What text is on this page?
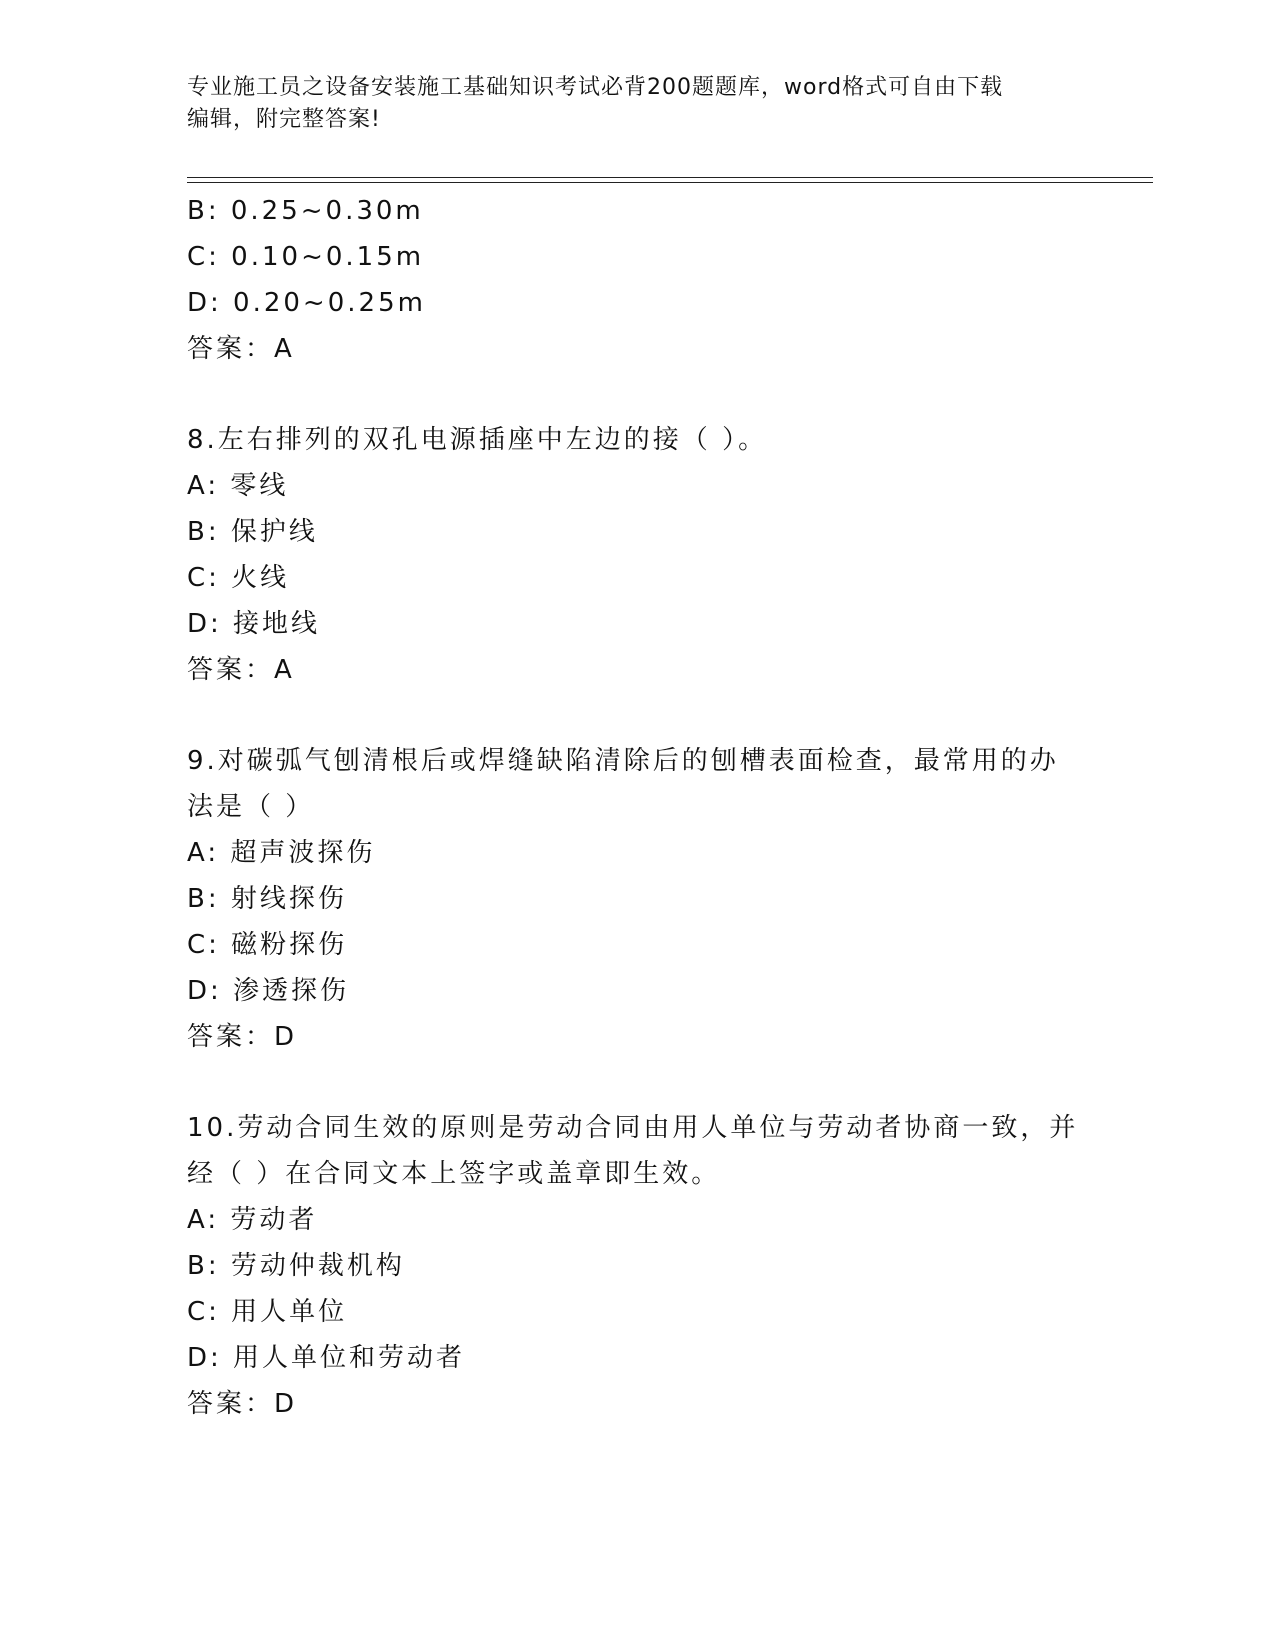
专业施工员之设备安装施工基础知识考试必背200题题库，word格式可自由下载
编辑，附完整答案!
B: 0.25~0.30m
C: 0.10~0.15m
D: 0.20~0.25m
答案：A
8.左右排列的双孔电源插座中左边的接（ ）。
A: 零线
B: 保护线
C: 火线
D: 接地线
答案：A
9.对碳弧气刨清根后或焊缝缺陷清除后的刨槽表面检查，最常用的办
法是（ ）
A: 超声波探伤
B: 射线探伤
C: 磁粉探伤
D: 渗透探伤
答案：D
10.劳动合同生效的原则是劳动合同由用人单位与劳动者协商一致，并
经（ ）在合同文本上签字或盖章即生效。
A: 劳动者
B: 劳动仲裁机构
C: 用人单位
D: 用人单位和劳动者
答案：D
